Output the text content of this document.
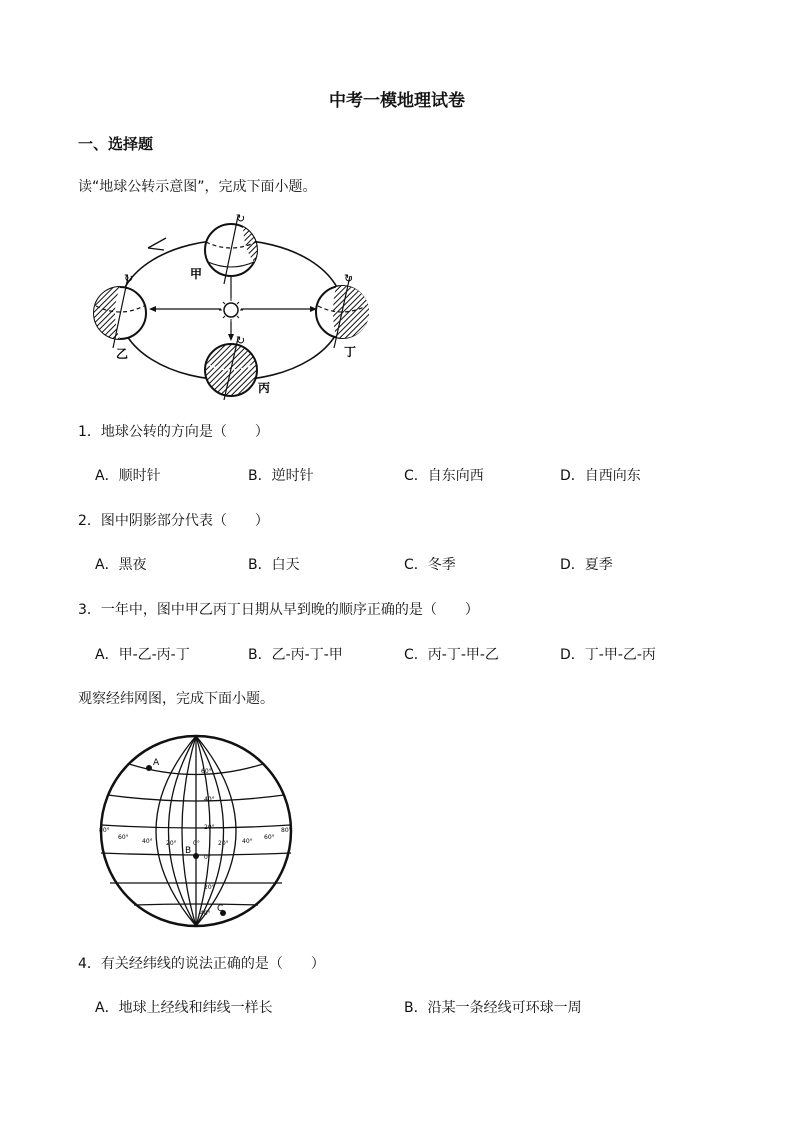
中考一模地理试卷
一、选择题
读“地球公转示意图”，完成下面小题。
↻
甲
↻
乙
↻
丁
↻
丙
1．地球公转的方向是（　　）
A．顺时针	B．逆时针	C．自东向西	D．自西向东
2．图中阴影部分代表（　　）
A．黑夜	B．白天	C．冬季	D．夏季
3．一年中，图中甲乙丙丁日期从早到晚的顺序正确的是（　　）
A．甲-乙-丙-丁	B．乙-丙-丁-甲	C．丙-丁-甲-乙	D．丁-甲-乙-丙
观察经纬网图，完成下面小题。
60°
40°
20°
0°
20°
40°
80°
60°
40° 20°	0°	20° 40°
60°
80°
A
B
C
4．有关经纬线的说法正确的是（　　）
A．地球上经线和纬线一样长	B．沿某一条经线可环球一周
